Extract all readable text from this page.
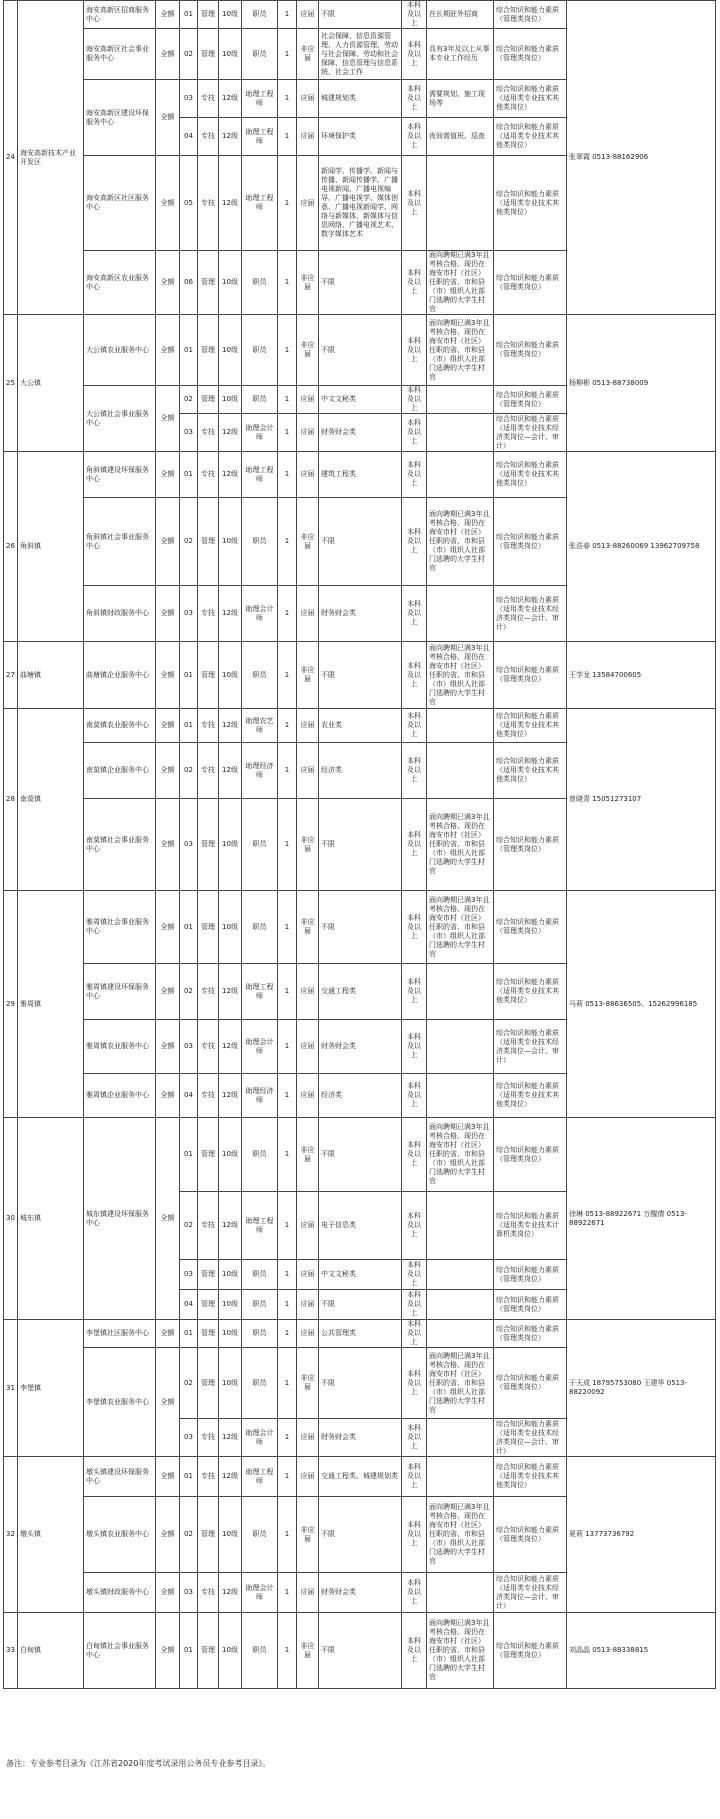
24	海安高新技术产业开发区	海安高新区招商服务中心	全额	01	管理	10级	职员	1	应届	不限	本科及以上	在长期驻外招商	综合知识和能力素质（管理类岗位）	张翠霞 0513-88162906
		海安高新区社会事业服务中心	全额	02	管理	10级	职员	1	非应届	社会保障、信息资源管理、人力资源管理、劳动与社会保障、劳动和社会保障、信息管理与信息系统、社会工作	本科及以上	具有3年及以上从事本专业工作经历	综合知识和能力素质（管理类岗位）	
		海安高新区建设环保服务中心	全额	03	专技	12级	助理工程师	1	应届	城建规划类	本科及以上	需要规划、施工现场等	综合知识和能力素质（适用类专业技术其他类岗位）	
				04	专技	12级	助理工程师	1	应届	环境保护类	本科及以上	夜间需值班、巡查	综合知识和能力素质（适用类专业技术其他类岗位）	
		海安高新区社区服务中心	全额	05	专技	12级	助理工程师	1	应届	新闻学、传播学、新闻与传播、新闻传播学、广播电视新闻、广播电视编导、广播电视学、媒体创意、广播电视新闻学、网络与新媒体、新媒体与信息网络、广播电视艺术、数字媒体艺术	本科及以上		综合知识和能力素质（适用类专业技术其他类岗位）	
		海安高新区农业服务中心	全额	06	管理	10级	职员	1	非应届	不限	本科及以上	面向聘期已满3年且考核合格、现仍在海安市村（社区）任职的省、市和县（市）组织人社部门选聘的大学生村官	综合知识和能力素质（管理类岗位）	
25	大公镇	大公镇农业服务中心	全额	01	管理	10级	职员	1	非应届	不限	本科及以上	面向聘期已满3年且考核合格、现仍在海安市村（社区）任职的省、市和县（市）组织人社部门选聘的大学生村官	综合知识和能力素质（管理类岗位）	杨柳彬 0513-88738009
		大公镇社会事业服务中心	全额	02	管理	10级	职员	1	应届	中文文秘类	本科及以上		综合知识和能力素质（管理类岗位）	
				03	专技	12级	助理会计师	1	应届	财务财会类	本科及以上		综合知识和能力素质（适用类专业技术经济类岗位—会计、审计）	
26	角斜镇	角斜镇建设环保服务中心	全额	01	专技	12级	助理工程师	1	应届	建筑工程类	本科及以上		综合知识和能力素质（适用类专业技术其他类岗位）	张浩春 0513-88260069 13962709758
		角斜镇社会事业服务中心	全额	02	管理	10级	职员	1	非应届	不限	本科及以上	面向聘期已满3年且考核合格、现仍在海安市村（社区）任职的省、市和县（市）组织人社部门选聘的大学生村官	综合知识和能力素质（管理类岗位）	
		角斜镇财政服务中心	全额	03	专技	12级	助理会计师	1	应届	财务财会类	本科及以上		综合知识和能力素质（适用类专业技术经济类岗位—会计、审计）	
27	曲塘镇	曲塘镇企业服务中心	全额	01	管理	10级	职员	1	非应届	不限	本科及以上	面向聘期已满3年且考核合格、现仍在海安市村（社区）任职的省、市和县（市）组织人社部门选聘的大学生村官	综合知识和能力素质（管理类岗位）	王学龙 13584700605
28	南莫镇	南莫镇农业服务中心	全额	01	专技	12级	助理农艺师	1	应届	农业类	本科及以上		综合知识和能力素质（适用类专业技术其他类岗位）	曾晓青 15051273107
		南莫镇企业服务中心	全额	02	专技	12级	助理经济师	1	应届	经济类	本科及以上		综合知识和能力素质（适用类专业技术其他类岗位）	
		南莫镇社会事业服务中心	全额	03	管理	10级	职员	1	非应届	不限	本科及以上	面向聘期已满3年且考核合格、现仍在海安市村（社区）任职的省、市和县（市）组织人社部门选聘的大学生村官	综合知识和能力素质（管理类岗位）	
29	雅周镇	雅周镇社会事业服务中心	全额	01	管理	10级	职员	1	非应届	不限	本科及以上	面向聘期已满3年且考核合格、现仍在海安市村（社区）任职的省、市和县（市）组织人社部门选聘的大学生村官	综合知识和能力素质（管理类岗位）	马莉 0513-88636505、15262996185
		雅周镇建设环保服务中心	全额	02	专技	12级	助理工程师	1	应届	交通工程类	本科及以上		综合知识和能力素质（适用类专业技术其他类岗位）	
		雅周镇农业服务中心	全额	03	专技	12级	助理会计师	1	应届	财务财会类	本科及以上		综合知识和能力素质（适用类专业技术经济类岗位—会计、审计）	
		雅周镇企业服务中心	全额	04	专技	12级	助理经济师	1	应届	经济类	本科及以上		综合知识和能力素质（适用类专业技术其他类岗位）	
30	城东镇	城东镇建设环保服务中心	全额	01	管理	10级	职员	1	非应届	不限	本科及以上	面向聘期已满3年且考核合格、现仍在海安市村（社区）任职的省、市和县（市）组织人社部门选聘的大学生村官	综合知识和能力素质（管理类岗位）	徐琳 0513-88922671 万醒倩 0513-88922671
				02	专技	12级	助理工程师	1	应届	电子信息类	本科及以上		综合知识和能力素质（适用类专业技术计算机类岗位）	
				03	管理	10级	职员	1	应届	中文文秘类	本科及以上		综合知识和能力素质（管理类岗位）	
				04	管理	10级	职员	1	应届	不限	本科及以上		综合知识和能力素质（管理类岗位）	
31	李堡镇	李堡镇社区服务中心	全额	01	管理	10级	职员	1	应届	公共管理类	本科及以上		综合知识和能力素质（管理类岗位）	于天成 18795753080 王建华 0513-88220092
		李堡镇农业服务中心	全额	02	管理	10级	职员	1	非应届	不限	本科及以上	面向聘期已满3年且考核合格、现仍在海安市村（社区）任职的省、市和县（市）组织人社部门选聘的大学生村官	综合知识和能力素质（管理类岗位）	
				03	专技	12级	助理会计师	1	应届	财务财会类	本科及以上		综合知识和能力素质（适用类专业技术经济类岗位—会计、审计）	
32	墩头镇	墩头镇建设环保服务中心	全额	01	专技	12级	助理工程师	1	应届	交通工程类、城建规划类	本科及以上		综合知识和能力素质（适用类专业技术其他类岗位）	夏莉 13773736792
		墩头镇农业服务中心	全额	02	管理	10级	职员	1	非应届	不限	本科及以上	面向聘期已满3年且考核合格、现仍在海安市村（社区）任职的省、市和县（市）组织人社部门选聘的大学生村官	综合知识和能力素质（管理类岗位）	
		墩头镇财政服务中心	全额	03	专技	12级	助理会计师	1	应届	财务财会类	本科及以上		综合知识和能力素质（适用类专业技术经济类岗位—会计、审计）	
33	白甸镇	白甸镇社会事业服务中心	全额	01	管理	10级	职员	1	非应届	不限	本科及以上	面向聘期已满3年且考核合格、现仍在海安市村（社区）任职的省、市和县（市）组织人社部门选聘的大学生村官	综合知识和能力素质（管理类岗位）	刘晶晶 0513-88338815
备注：专业参考目录为《江苏省2020年度考试录用公务员专业参考目录》。
